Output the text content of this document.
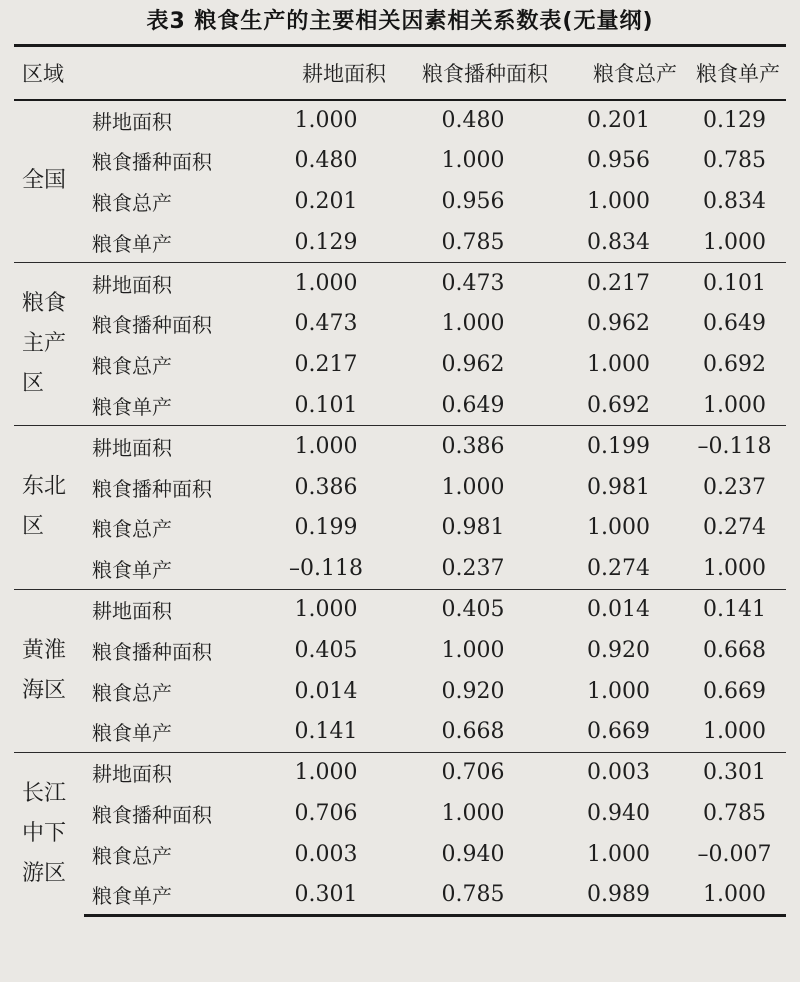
表3 粮食生产的主要相关因素相关系数表(无量纲)
区域		耕地面积	粮食播种面积	粮食总产	粮食单产
全国	耕地面积	1.000	0.480	0.201	0.129
	粮食播种面积	0.480	1.000	0.956	0.785
	粮食总产	0.201	0.956	1.000	0.834
	粮食单产	0.129	0.785	0.834	1.000
粮食
主产
区	耕地面积	1.000	0.473	0.217	0.101
	粮食播种面积	0.473	1.000	0.962	0.649
	粮食总产	0.217	0.962	1.000	0.692
	粮食单产	0.101	0.649	0.692	1.000
东北
区	耕地面积	1.000	0.386	0.199	–0.118
	粮食播种面积	0.386	1.000	0.981	0.237
	粮食总产	0.199	0.981	1.000	0.274
	粮食单产	–0.118	0.237	0.274	1.000
黄淮
海区	耕地面积	1.000	0.405	0.014	0.141
	粮食播种面积	0.405	1.000	0.920	0.668
	粮食总产	0.014	0.920	1.000	0.669
	粮食单产	0.141	0.668	0.669	1.000
长江
中下
游区	耕地面积	1.000	0.706	0.003	0.301
	粮食播种面积	0.706	1.000	0.940	0.785
	粮食总产	0.003	0.940	1.000	–0.007
	粮食单产	0.301	0.785	0.989	1.000
